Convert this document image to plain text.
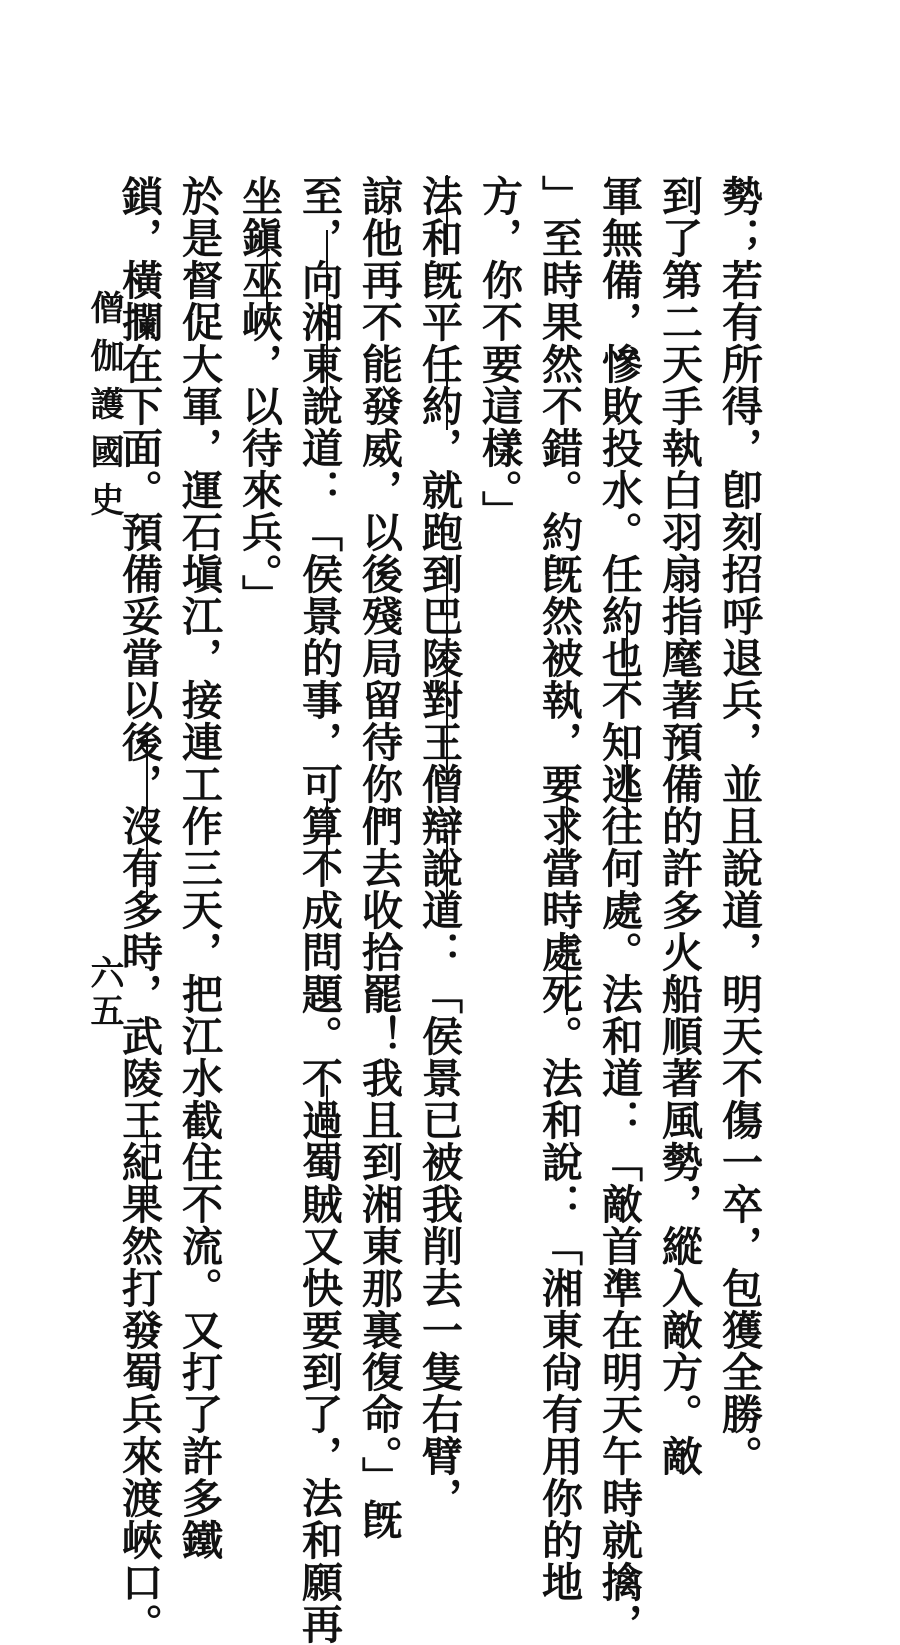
勢；若有所得，卽刻招呼退兵，並且說道，明天不傷一卒，包獲全勝。
到了第二天手執白羽扇指麾著預備的許多火船順著風勢，縱入敵方。敵
軍無備，慘敗投水。任約也不知逃往何處。法和道：「敵首準在明天午時就擒，
」至時果然不錯。約旣然被執，要求當時處死。法和說：「湘東尙有用你的地
方，你不要這樣。」
法和旣平任約，就跑到巴陵對王僧辯說道：「侯景已被我削去一隻右臂，
諒他再不能發威，以後殘局留待你們去收拾罷！我且到湘東那裏復命。」旣
至，向湘東說道：「侯景的事，可算不成問題。不過蜀賊又快要到了，法和願再
坐鎭巫峽，以待來兵。」
於是督促大軍，運石塡江，接連工作三天，把江水截住不流。又打了許多鐵
鎖，橫攔在下面。預備妥當以後，沒有多時，武陵王紀果然打發蜀兵來渡峽口。
僧伽護國史
六五
